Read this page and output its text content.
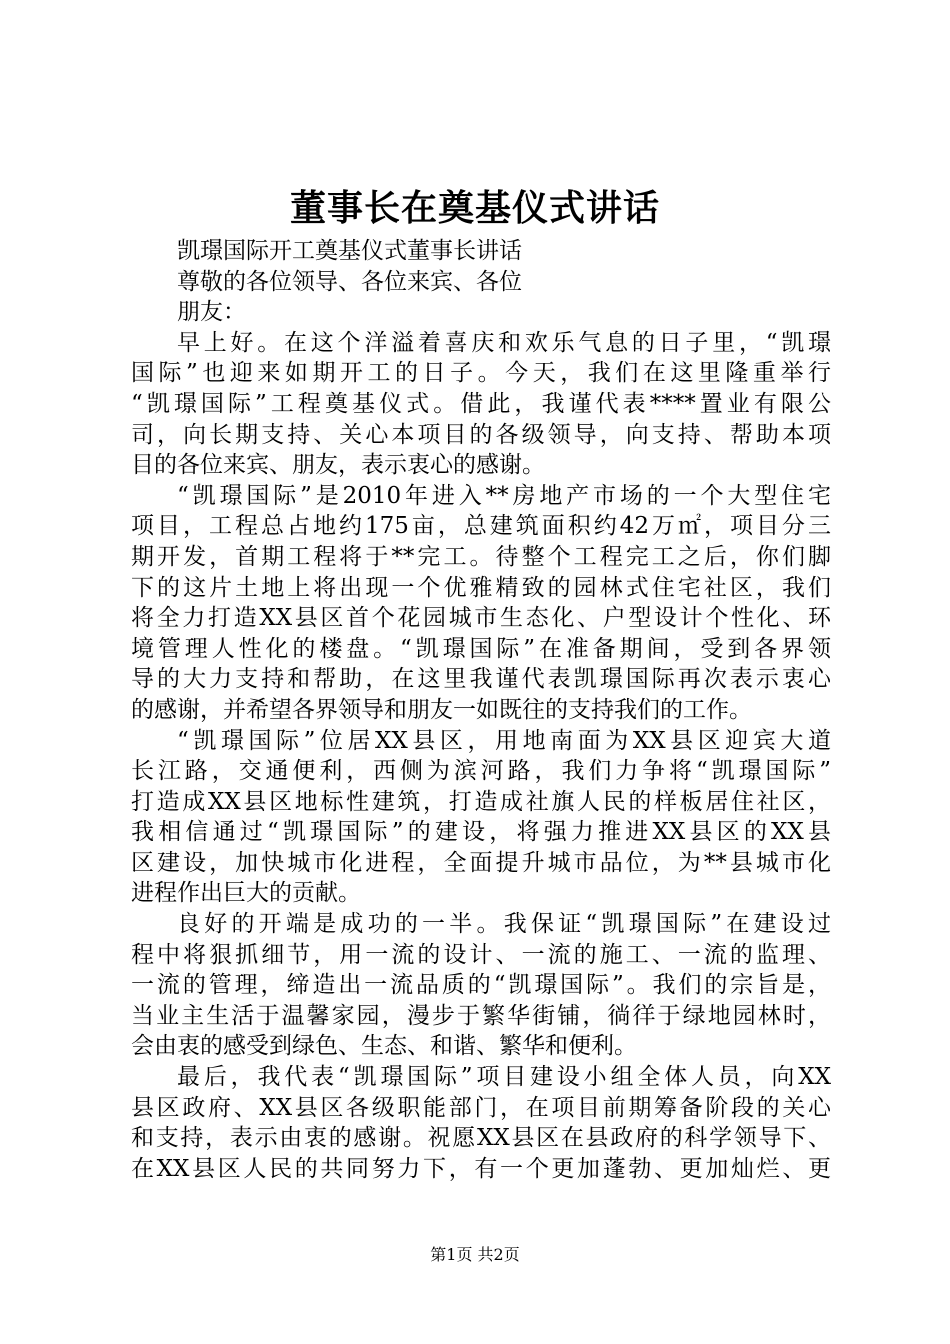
董事长在奠基仪式讲话

凯璟国际开工奠基仪式董事长讲话

尊敬的各位领导、各位来宾、各位

朋友：

早上好。在这个洋溢着喜庆和欢乐气息的日子里，“凯璟

国际”也迎来如期开工的日子。今天，我们在这里隆重举行

“凯璟国际”工程奠基仪式。借此，我谨代表****置业有限公

司，向长期支持、关心本项目的各级领导，向支持、帮助本项

目的各位来宾、朋友，表示衷心的感谢。

“凯璟国际”是2010年进入**房地产市场的一个大型住宅

项目，工程总占地约175亩，总建筑面积约42万㎡，项目分三

期开发，首期工程将于**完工。待整个工程完工之后，你们脚

下的这片土地上将出现一个优雅精致的园林式住宅社区，我们

将全力打造XX县区首个花园城市生态化、户型设计个性化、环

境管理人性化的楼盘。“凯璟国际”在准备期间，受到各界领

导的大力支持和帮助，在这里我谨代表凯璟国际再次表示衷心

的感谢，并希望各界领导和朋友一如既往的支持我们的工作。

“凯璟国际”位居XX县区，用地南面为XX县区迎宾大道

长江路，交通便利，西侧为滨河路，我们力争将“凯璟国际”

打造成XX县区地标性建筑，打造成社旗人民的样板居住社区，

我相信通过“凯璟国际”的建设，将强力推进XX县区的XX县

区建设，加快城市化进程，全面提升城市品位，为**县城市化

进程作出巨大的贡献。

良好的开端是成功的一半。我保证“凯璟国际”在建设过

程中将狠抓细节，用一流的设计、一流的施工、一流的监理、

一流的管理，缔造出一流品质的“凯璟国际”。我们的宗旨是，

当业主生活于温馨家园，漫步于繁华街铺，徜徉于绿地园林时，

会由衷的感受到绿色、生态、和谐、繁华和便利。

最后，我代表“凯璟国际”项目建设小组全体人员，向XX

县区政府、XX县区各级职能部门，在项目前期筹备阶段的关心

和支持，表示由衷的感谢。祝愿XX县区在县政府的科学领导下、

在XX县区人民的共同努力下，有一个更加蓬勃、更加灿烂、更

第1页 共2页
